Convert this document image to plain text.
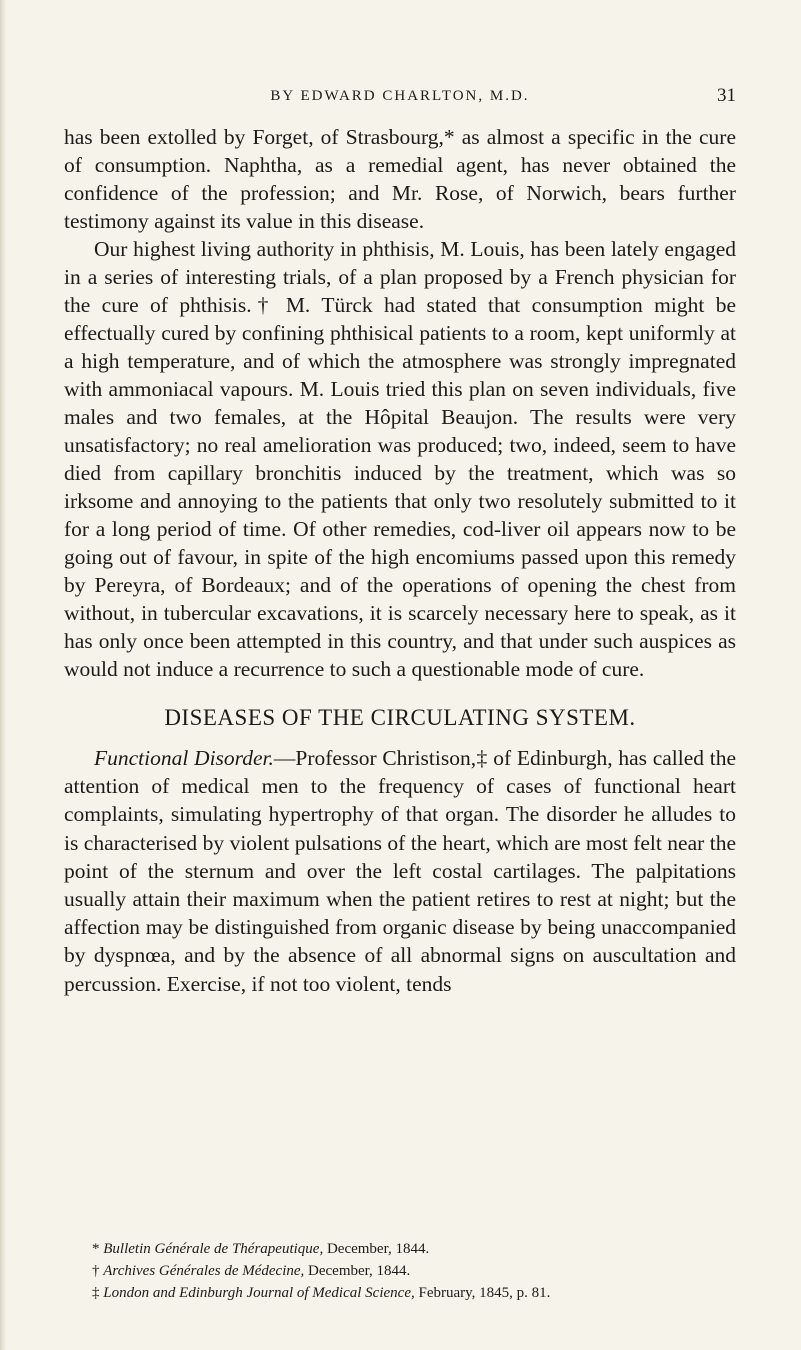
BY EDWARD CHARLTON, M.D.	31

has been extolled by Forget, of Strasbourg,* as almost a specific in the cure of consumption. Naphtha, as a remedial agent, has never obtained the confidence of the profession; and Mr. Rose, of Norwich, bears further testimony against its value in this disease.

Our highest living authority in phthisis, M. Louis, has been lately engaged in a series of interesting trials, of a plan proposed by a French physician for the cure of phthisis.† M. Türck had stated that consumption might be effectually cured by confining phthisical patients to a room, kept uniformly at a high temperature, and of which the atmosphere was strongly impregnated with ammoniacal vapours. M. Louis tried this plan on seven individuals, five males and two females, at the Hôpital Beaujon. The results were very unsatisfactory; no real amelioration was produced; two, indeed, seem to have died from capillary bronchitis induced by the treatment, which was so irksome and annoying to the patients that only two resolutely submitted to it for a long period of time. Of other remedies, cod-liver oil appears now to be going out of favour, in spite of the high encomiums passed upon this remedy by Pereyra, of Bordeaux; and of the operations of opening the chest from without, in tubercular excavations, it is scarcely necessary here to speak, as it has only once been attempted in this country, and that under such auspices as would not induce a recurrence to such a questionable mode of cure.

DISEASES OF THE CIRCULATING SYSTEM.

Functional Disorder.—Professor Christison,‡ of Edinburgh, has called the attention of medical men to the frequency of cases of functional heart complaints, simulating hypertrophy of that organ. The disorder he alludes to is characterised by violent pulsations of the heart, which are most felt near the point of the sternum and over the left costal cartilages. The palpitations usually attain their maximum when the patient retires to rest at night; but the affection may be distinguished from organic disease by being unaccompanied by dyspnœa, and by the absence of all abnormal signs on auscultation and percussion. Exercise, if not too violent, tends

* Bulletin Générale de Thérapeutique, December, 1844.
† Archives Générales de Médecine, December, 1844.
‡ London and Edinburgh Journal of Medical Science, February, 1845, p. 81.
